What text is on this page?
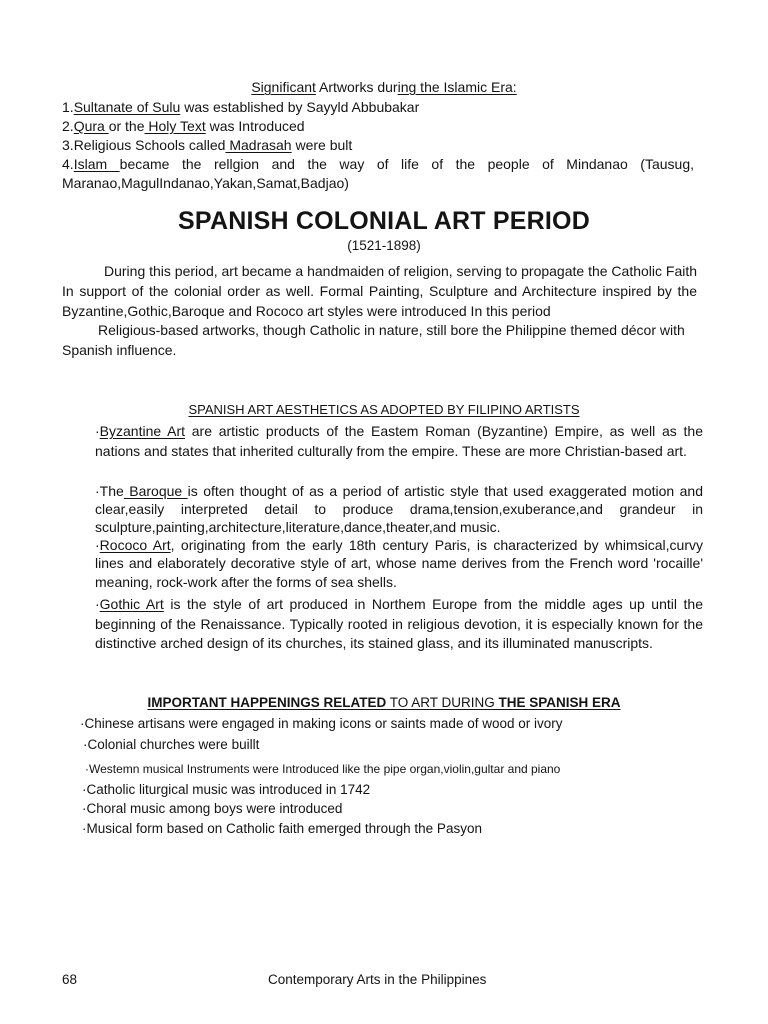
Significant Artworks during the Islamic Era:
1.Sultanate of Sulu was established by Sayyld Abbubakar
2.Qura or the Holy Text was Introduced
3.Religious Schools called Madrasah were bult
4.Islam became the rellgion and the way of life of the people of Mindanao (Tausug, Maranao,MagulIndanao,Yakan,Samat,Badjao)
SPANISH COLONIAL ART PERIOD
(1521-1898)

During this period, art became a handmaiden of religion, serving to propagate the Catholic Faith In support of the colonial order as well. Formal Painting, Sculpture and Architecture inspired by the Byzantine,Gothic,Baroque and Rococo art styles were introduced In this period

Religious-based artworks, though Catholic in nature, still bore the Philippine themed décor with Spanish influence.

SPANISH ART AESTHETICS AS ADOPTED BY FILIPINO ARTISTS

·Byzantine Art are artistic products of the Eastem Roman (Byzantine) Empire, as well as the nations and states that inherited culturally from the empire. These are more Christian-based art.

·The Baroque is often thought of as a period of artistic style that used exaggerated motion and clear,easily interpreted detail to produce drama,tension,exuberance,and grandeur in sculpture,painting,architecture,literature,dance,theater,and music.

·Rococo Art, originating from the early 18th century Paris, is characterized by whimsical,curvy lines and elaborately decorative style of art, whose name derives from the French word 'rocaille' meaning, rock-work after the forms of sea shells.

·Gothic Art is the style of art produced in Northem Europe from the middle ages up until the beginning of the Renaissance. Typically rooted in religious devotion, it is especially known for the distinctive arched design of its churches, its stained glass, and its illuminated manuscripts.

IMPORTANT HAPPENINGS RELATED TO ART DURING THE SPANISH ERA
·Chinese artisans were engaged in making icons or saints made of wood or ivory
·Colonial churches were buillt
·Westemn musical Instruments were Introduced like the pipe organ,violin,gultar and piano
·Catholic liturgical music was introduced in 1742
·Choral music among boys were introduced
·Musical form based on Catholic faith emerged through the Pasyon
68	Contemporary Arts in the Philippines
